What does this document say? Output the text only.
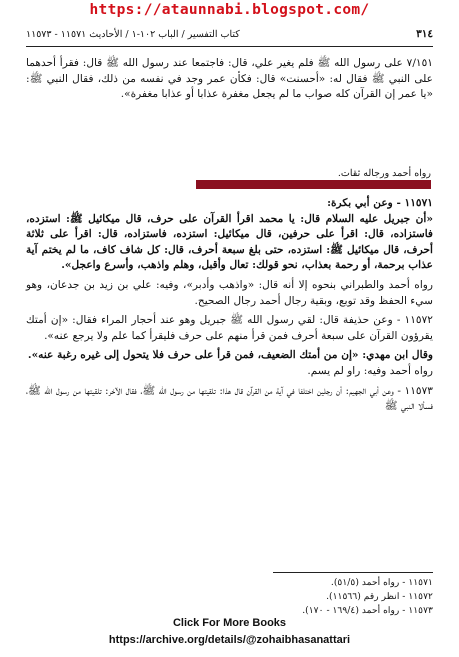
https://ataunnabi.blogspot.com/
٣١٤
كتاب التفسير / الباب ١٠٢-١ / الأحاديث ١١٥٧١ - ١١٥٧٣

٧/١٥١ على رسول الله ﷺ فلم يغير علي، قال: فاجتمعا عند رسول الله ﷺ قال: فقرأ أحدهما على النبي ﷺ فقال له: «أحسنت» قال: فكأن عمر وجد في نفسه من ذلك، فقال النبي ﷺ: «يا عمر إن القرآن كله صواب ما لم يجعل مغفرة عذابا أو عذابا مغفرة».

رواه أحمد ورجاله ثقات.

١١٥٧١ - وعن أبي بكرة:

«أن جبريل عليه السلام قال: يا محمد اقرأ القرآن على حرف، قال ميكائيل ﷺ: استزده، فاستزاده، قال: اقرأ على حرفين، قال ميكائيل: استزده، فاستزاده، قال: اقرأ على ثلاثة أحرف، قال ميكائيل ﷺ: استزده، حتى بلغ سبعة أحرف، قال: كل شاف كاف، ما لم يختم آية عذاب برحمة، أو رحمة بعذاب، نحو قولك: تعال وأقبل، وهلم واذهب، وأسرع واعجل».

رواه أحمد والطبراني بنحوه إلا أنه قال: «واذهب وأدبر»، وفيه: علي بن زيد بن جدعان، وهو سيء الحفظ وقد توبع، وبقية رجال أحمد رجال الصحيح.

١١٥٧٢ - وعن حذيفة قال: لقي رسول الله ﷺ جبريل وهو عند أحجار المراء فقال: «إن أمتك يقرؤون القرآن على سبعة أحرف فمن قرأ منهم على حرف فليقرأ كما علم ولا يرجع عنه».

وقال ابن مهدي: «إن من أمتك الضعيف، فمن قرأ على حرف فلا يتحول إلى غيره رغبة عنه».

رواه أحمد وفيه: راو لم يسم.

١١٥٧٣ - وعن أبي الجهيم: أن رجلين اختلفا في آية من القرآن قال هذا: تلقيتها من رسول الله ﷺ، فقال الآخر: تلقيتها من رسول الله ﷺ، فسألا النبي ﷺ

١١٥٧١ - رواه أحمد (٥١/٥).
١١٥٧٢ - انظر رقم (١١٥٦٦).
١١٥٧٣ - رواه أحمد (١٦٩/٤ - ١٧٠).
Click For More Books
https://archive.org/details/@zohaibhasanattari
